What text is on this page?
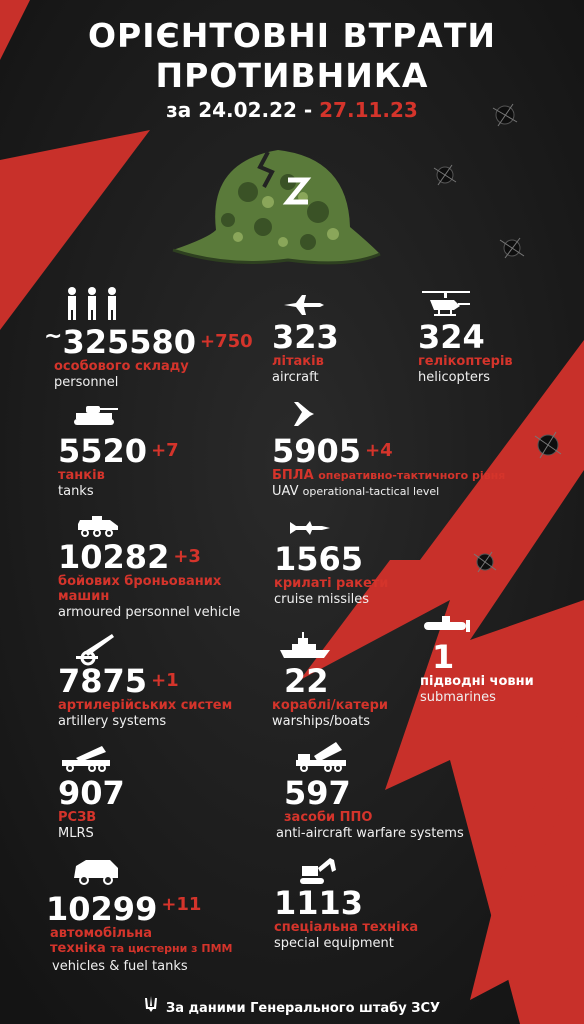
ОРІЄНТОВНІ ВТРАТИ
ПРОТИВНИКА
за 24.02.22 - 27.11.23
~325580 +750
особового складу
personnel
323
літаків
aircraft
324
гелікоптерів
helicopters
5520 +7
танків
tanks
5905 +4
БПЛА оперативно-тактичного рівня
UAV operational-tactical level
10282 +3
бойових броньованих
машин
armoured personnel vehicle
1565
крилаті ракети
cruise missiles
1
підводні човни
submarines
7875 +1
артилерійських систем
artillery systems
22
кораблі/катери
warships/boats
907
РСЗВ
MLRS
597
засоби ППО
anti-aircraft warfare systems
10299 $^{+11}$
автомобільна
техніка та цистерни з ПММ
vehicles & fuel tanks
1113
спеціальна техніка
special equipment
За даними Генерального штабу ЗСУ
